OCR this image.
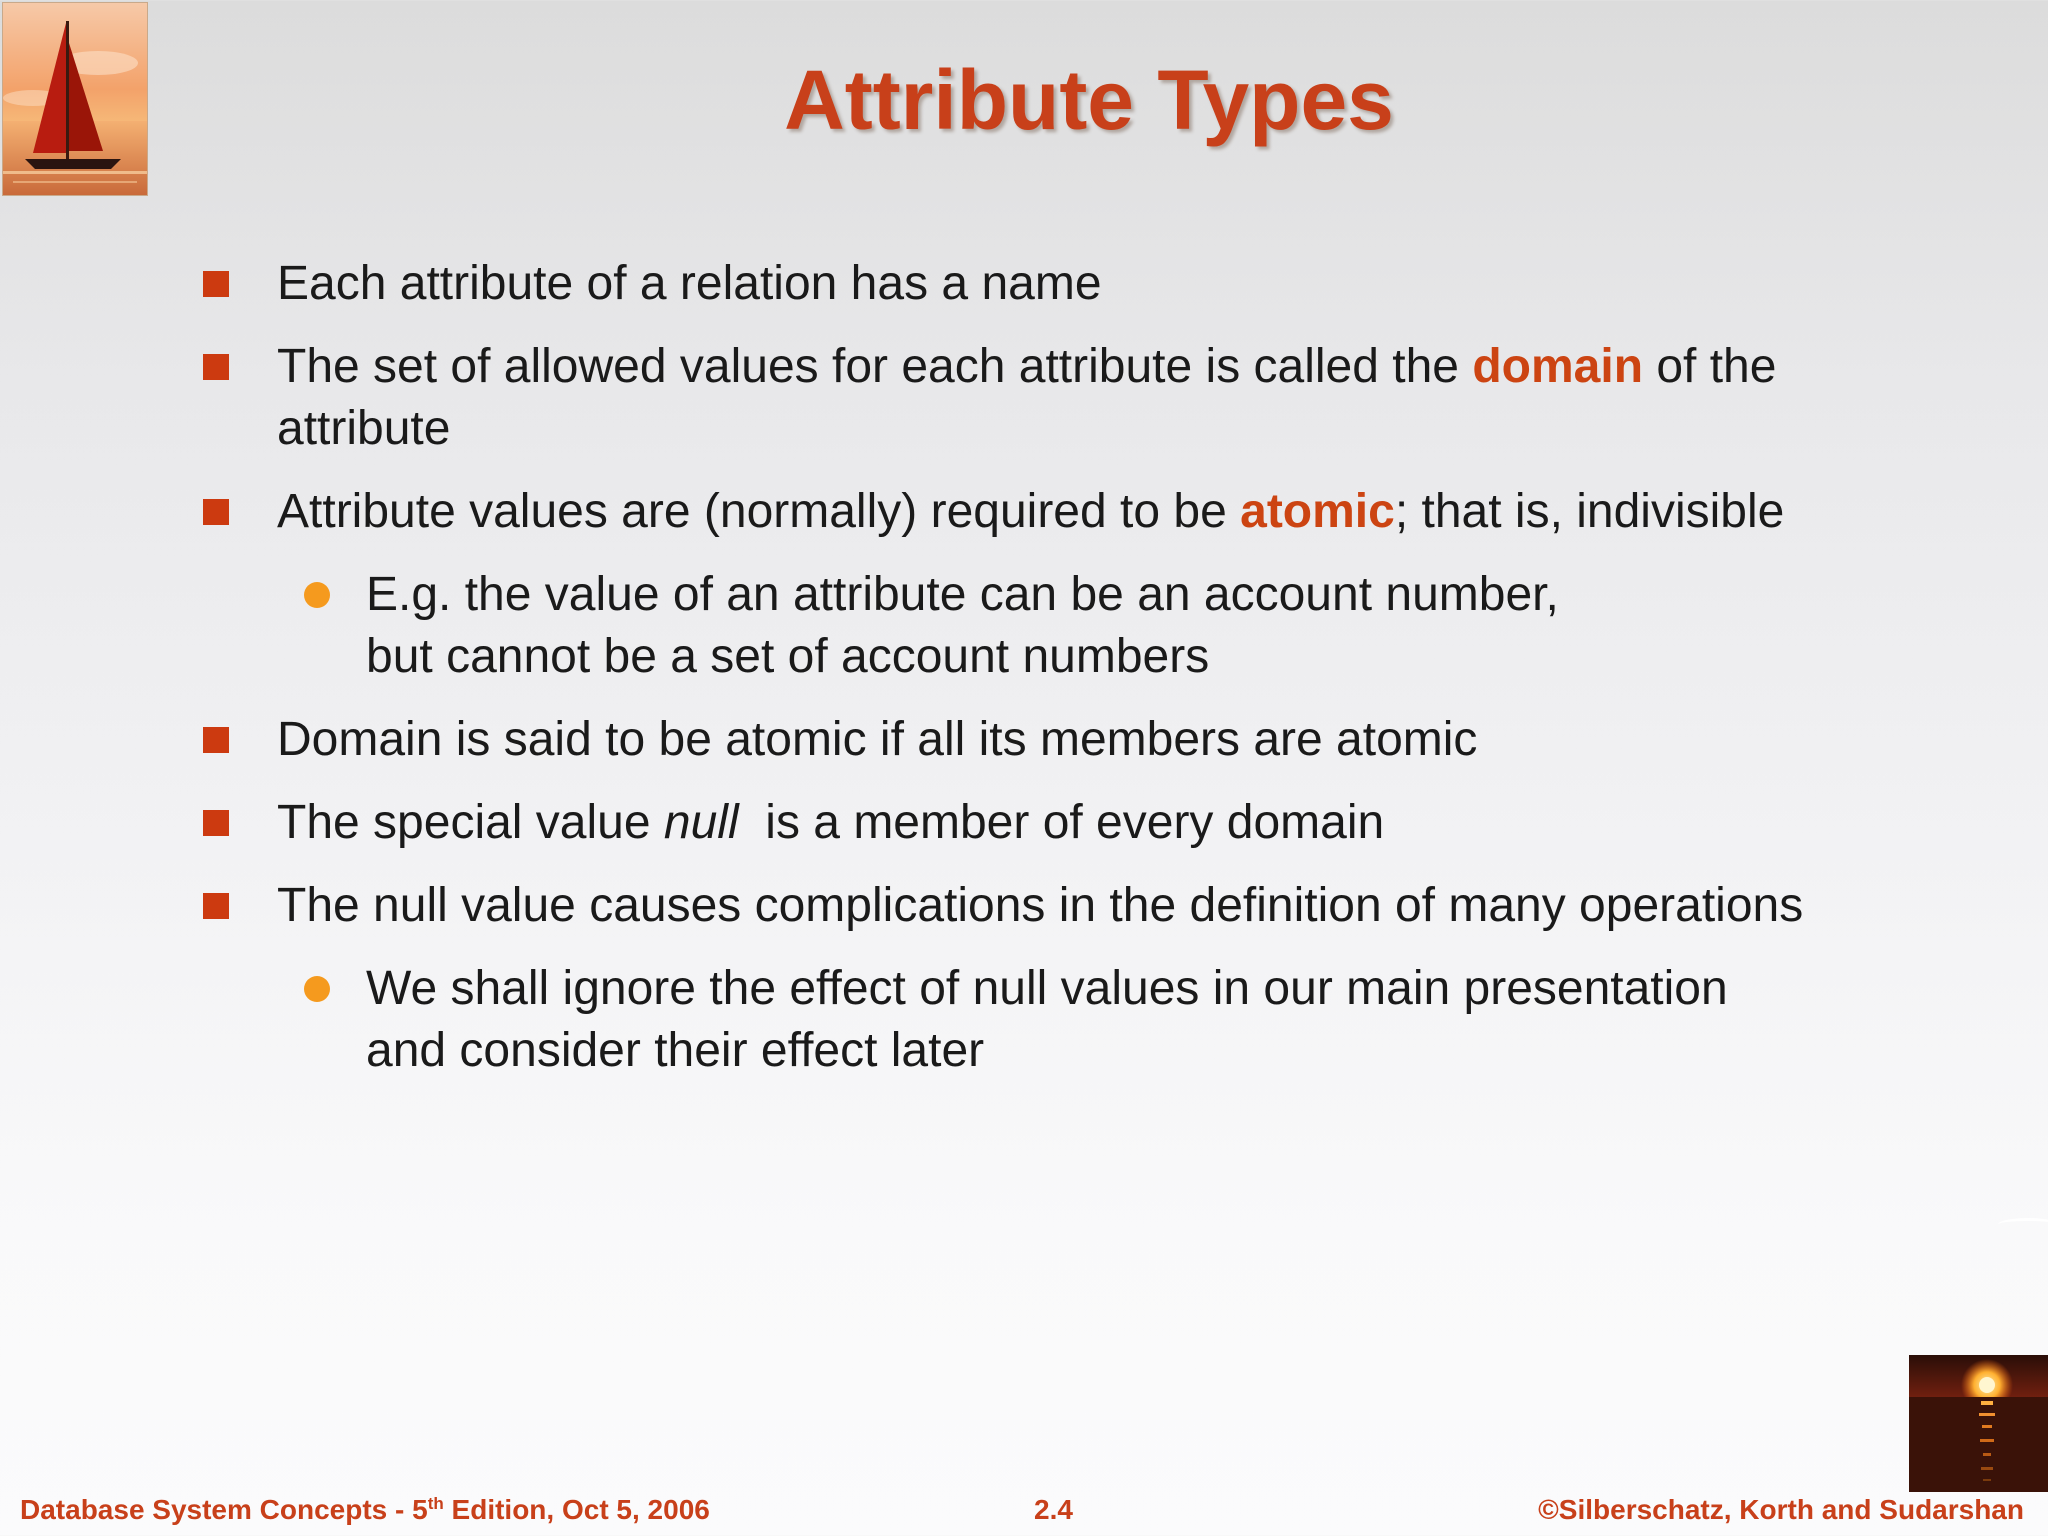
Attribute Types
Each attribute of a relation has a name
The set of allowed values for each attribute is called the domain of the
attribute
Attribute values are (normally) required to be atomic; that is, indivisible
E.g. the value of an attribute can be an account number,
but cannot be a set of account numbers
Domain is said to be atomic if all its members are atomic
The special value null  is a member of every domain
The null value causes complications in the definition of many operations
We shall ignore the effect of null values in our main presentation
and consider their effect later
Database System Concepts - 5th Edition, Oct 5, 2006	2.4	©Silberschatz, Korth and Sudarshan
